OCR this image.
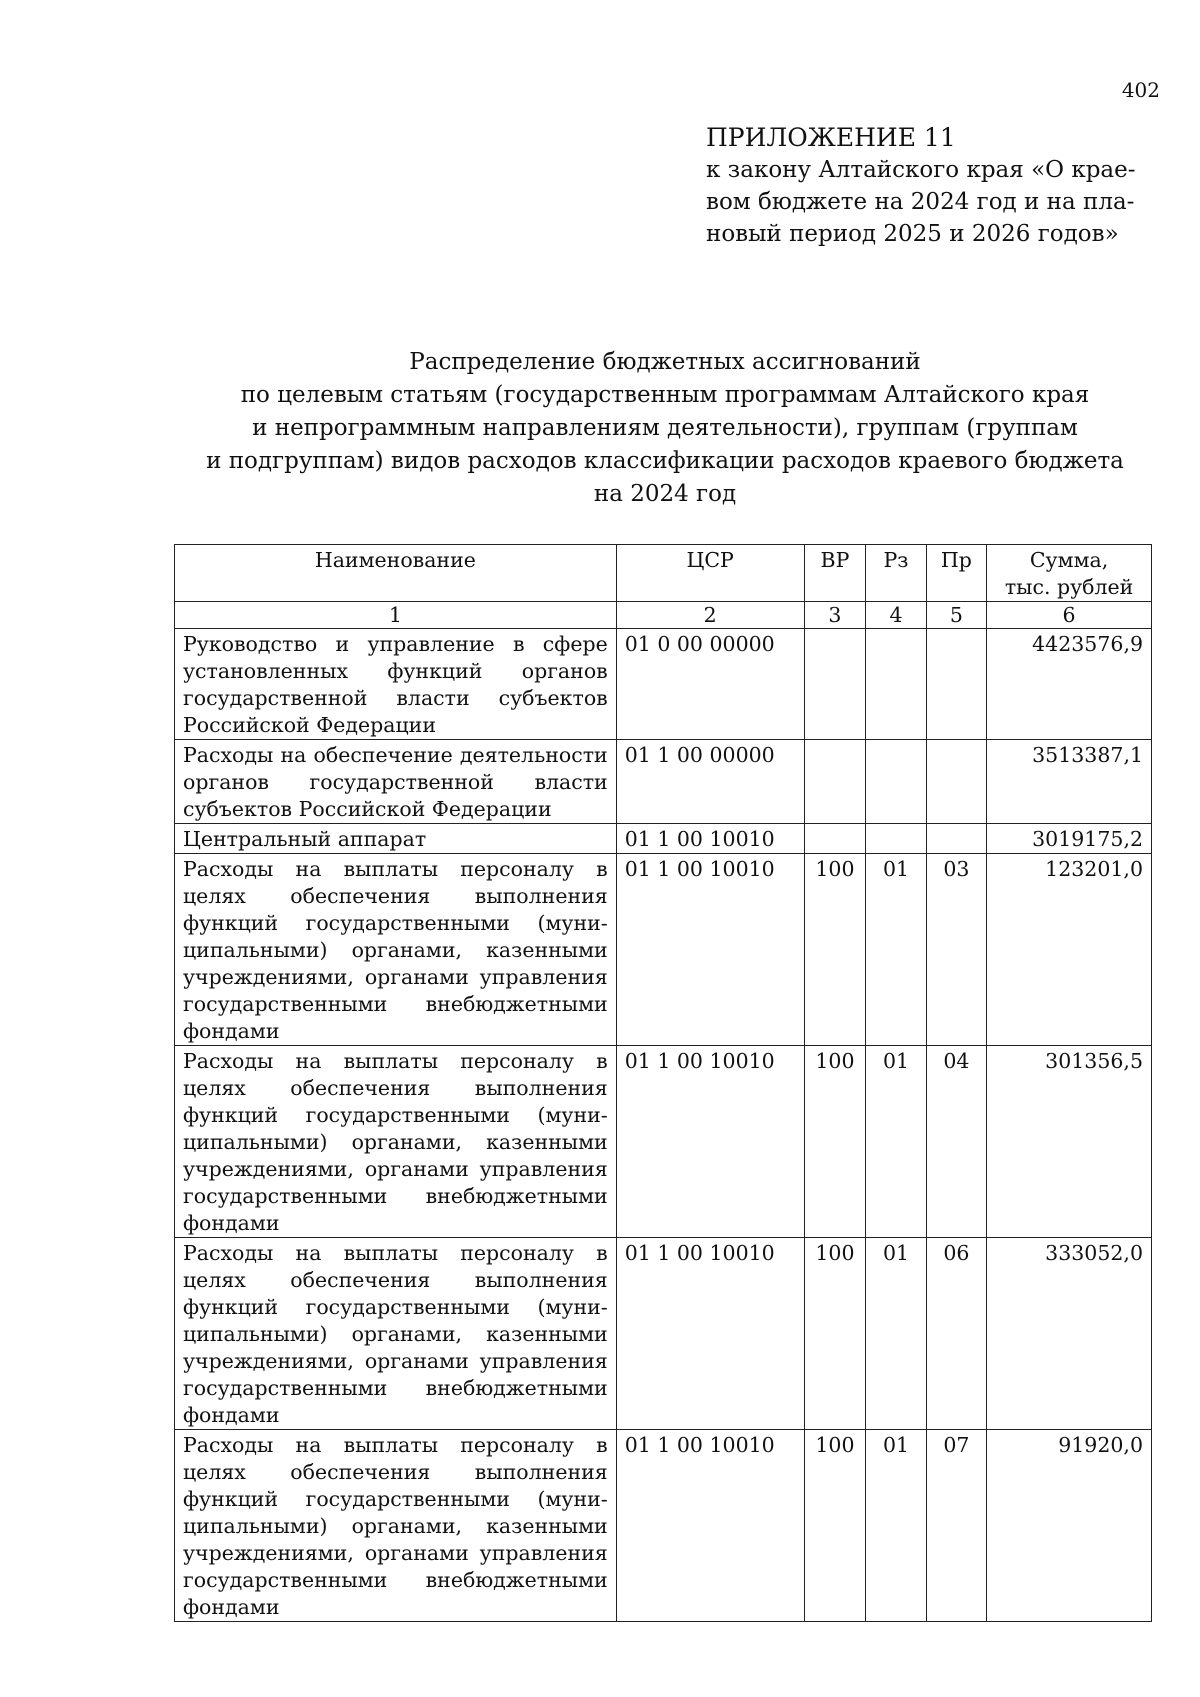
402
ПРИЛОЖЕНИЕ 11
к закону Алтайского края «О крае-
вом бюджете на 2024 год и на пла-
новый период 2025 и 2026 годов»
Распределение бюджетных ассигнований
по целевым статьям (государственным программам Алтайского края
и непрограммным направлениям деятельности), группам (группам
и подгруппам) видов расходов классификации расходов краевого бюджета
на 2024 год
Наименование	ЦСР	ВР	Рз	Пр	Сумма,
тыс. рублей

1	2	3	4	5	6
Руководство и управление в сфере установленных функций органов государственной власти субъектов Российской Федерации	01 0 00 00000				4423576,9
Расходы на обеспечение деятельности органов государственной власти субъектов Российской Федерации	01 1 00 00000				3513387,1
Центральный аппарат	01 1 00 10010				3019175,2
Расходы на выплаты персоналу в целях обеспечения выполнения функций государственными (муниципальными) органами, казенными учреждениями, органами управления государственными внебюджетными фондами	01 1 00 10010	100	01	03	123201,0
Расходы на выплаты персоналу в целях обеспечения выполнения функций государственными (муниципальными) органами, казенными учреждениями, органами управления государственными внебюджетными фондами	01 1 00 10010	100	01	04	301356,5
Расходы на выплаты персоналу в целях обеспечения выполнения функций государственными (муниципальными) органами, казенными учреждениями, органами управления государственными внебюджетными фондами	01 1 00 10010	100	01	06	333052,0
Расходы на выплаты персоналу в целях обеспечения выполнения функций государственными (муниципальными) органами, казенными учреждениями, органами управления государственными внебюджетными фондами	01 1 00 10010	100	01	07	91920,0
